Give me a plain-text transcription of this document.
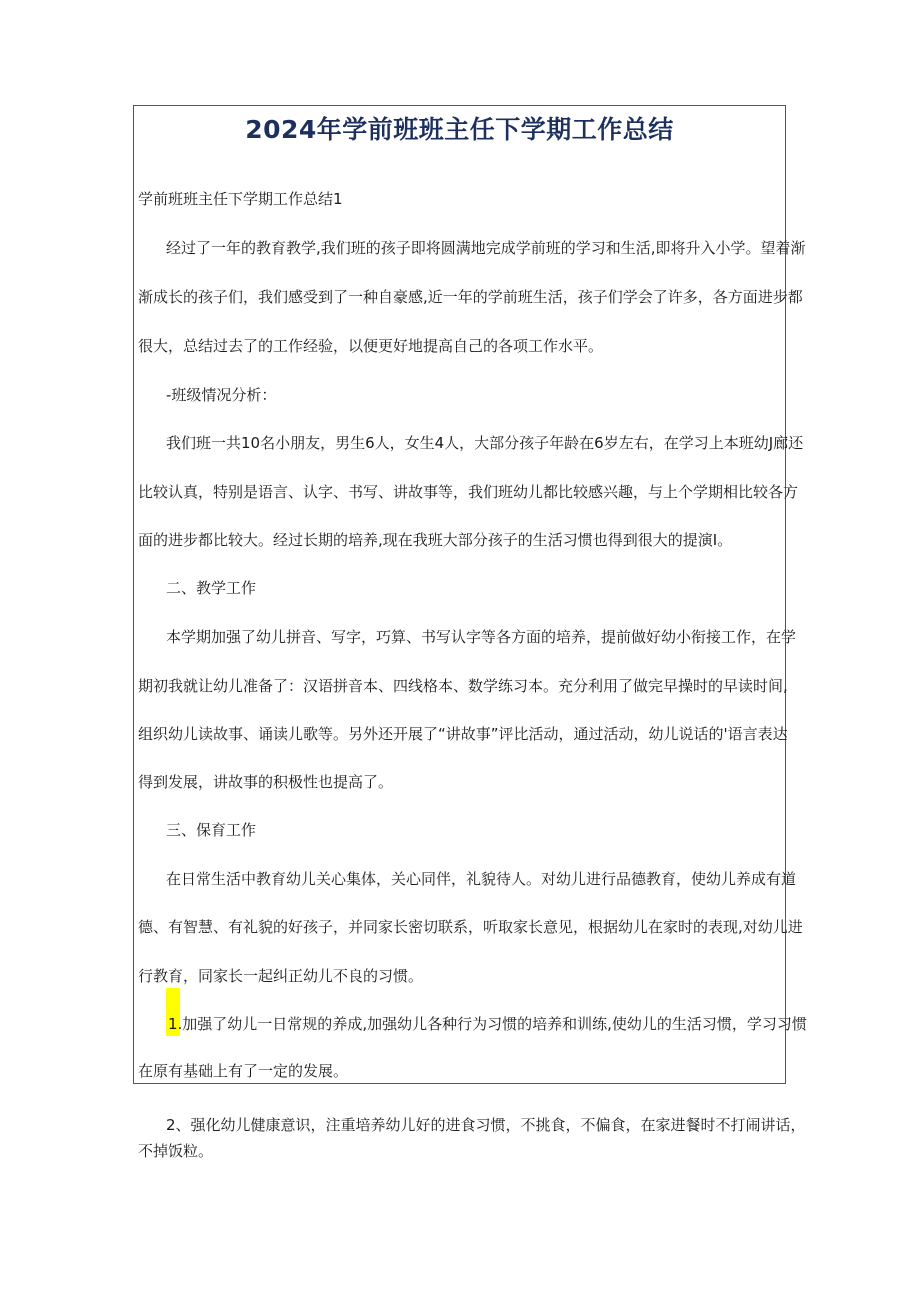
2024年学前班班主任下学期工作总结

学前班班主任下学期工作总结1

经过了一年的教育教学,我们班的孩子即将圆满地完成学前班的学习和生活,即将升入小学。望着渐

渐成长的孩子们，我们感受到了一种自豪感,近一年的学前班生活，孩子们学会了许多，各方面进步都

很大，总结过去了的工作经验，以便更好地提高自己的各项工作水平。

-班级情况分析：

我们班一共10名小朋友，男生6人，女生4人，大部分孩子年龄在6岁左右，在学习上本班幼J廊还

比较认真，特别是语言、认字、书写、讲故事等，我们班幼儿都比较感兴趣，与上个学期相比较各方

面的进步都比较大。经过长期的培养,现在我班大部分孩子的生活习惯也得到很大的提演I。

二、教学工作

本学期加强了幼儿拼音、写字，巧算、书写认字等各方面的培养，提前做好幼小衔接工作，在学

期初我就让幼儿准备了：汉语拼音本、四线格本、数学练习本。充分利用了做完早操时的早读时间,

组织幼儿读故事、诵读儿歌等。另外还开展了“讲故事”评比活动，通过活动，幼儿说话的'语言表达

得到发展，讲故事的积极性也提高了。

三、保育工作

在日常生活中教育幼儿关心集体，关心同伴，礼貌待人。对幼儿进行品德教育，使幼儿养成有道

德、有智慧、有礼貌的好孩子，并同家长密切联系，听取家长意见，根据幼儿在家时的表现,对幼儿进

行教育，同家长一起纠正幼儿不良的习惯。

1.加强了幼儿一日常规的养成,加强幼儿各种行为习惯的培养和训练,使幼儿的生活习惯，学习习惯

在原有基础上有了一定的发展。

2、强化幼儿健康意识，注重培养幼儿好的进食习惯，不挑食，不偏食，在家进餐时不打闹讲话，

不掉饭粒。
